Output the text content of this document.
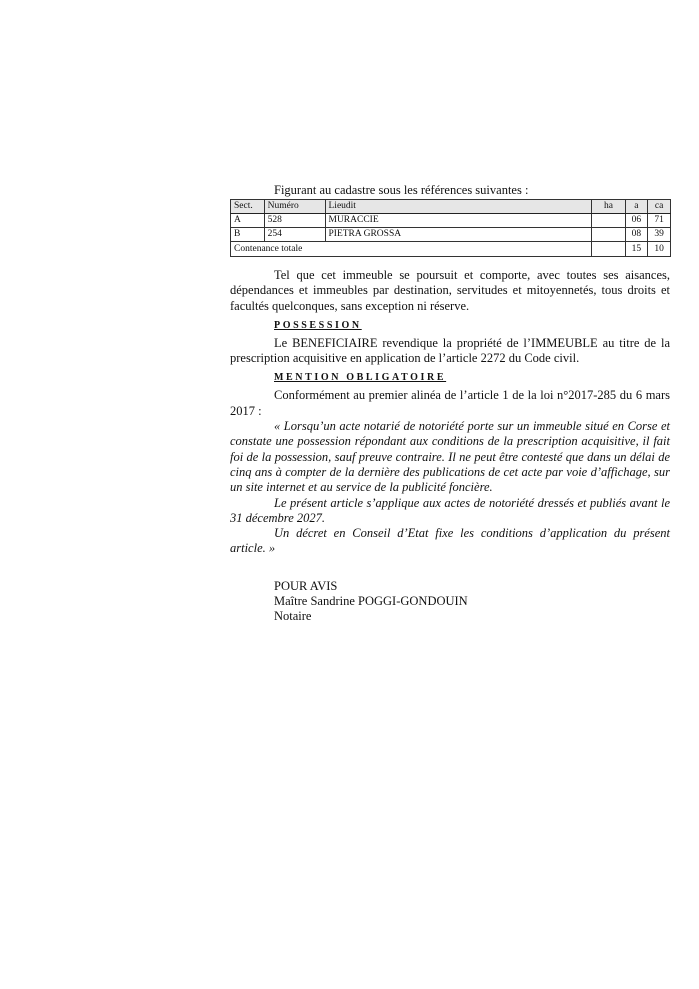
Figurant au cadastre sous les références suivantes :
Sect.	Numéro	Lieudit	ha	a	ca
A	528	MURACCIE		06	71
B	254	PIETRA GROSSA		08	39
Contenance totale				15	10

Tel que cet immeuble se poursuit et comporte, avec toutes ses aisances, dépendances et immeubles par destination, servitudes et mitoyennetés, tous droits et facultés quelconques, sans exception ni réserve.

POSSESSION

Le BENEFICIAIRE revendique la propriété de l’IMMEUBLE au titre de la prescription acquisitive en application de l’article 2272 du Code civil.

MENTION OBLIGATOIRE

Conformément au premier alinéa de l’article 1 de la loi n°2017-285 du 6 mars 2017 :

« Lorsqu’un acte notarié de notoriété porte sur un immeuble situé en Corse et constate une possession répondant aux conditions de la prescription acquisitive, il fait foi de la possession, sauf preuve contraire. Il ne peut être contesté que dans un délai de cinq ans à compter de la dernière des publications de cet acte par voie d’affichage, sur un site internet et au service de la publicité foncière.

Le présent article s’applique aux actes de notoriété dressés et publiés avant le 31 décembre 2027.

Un décret en Conseil d’Etat fixe les conditions d’application du présent article. »

POUR AVIS
Maître Sandrine POGGI-GONDOUIN
Notaire
